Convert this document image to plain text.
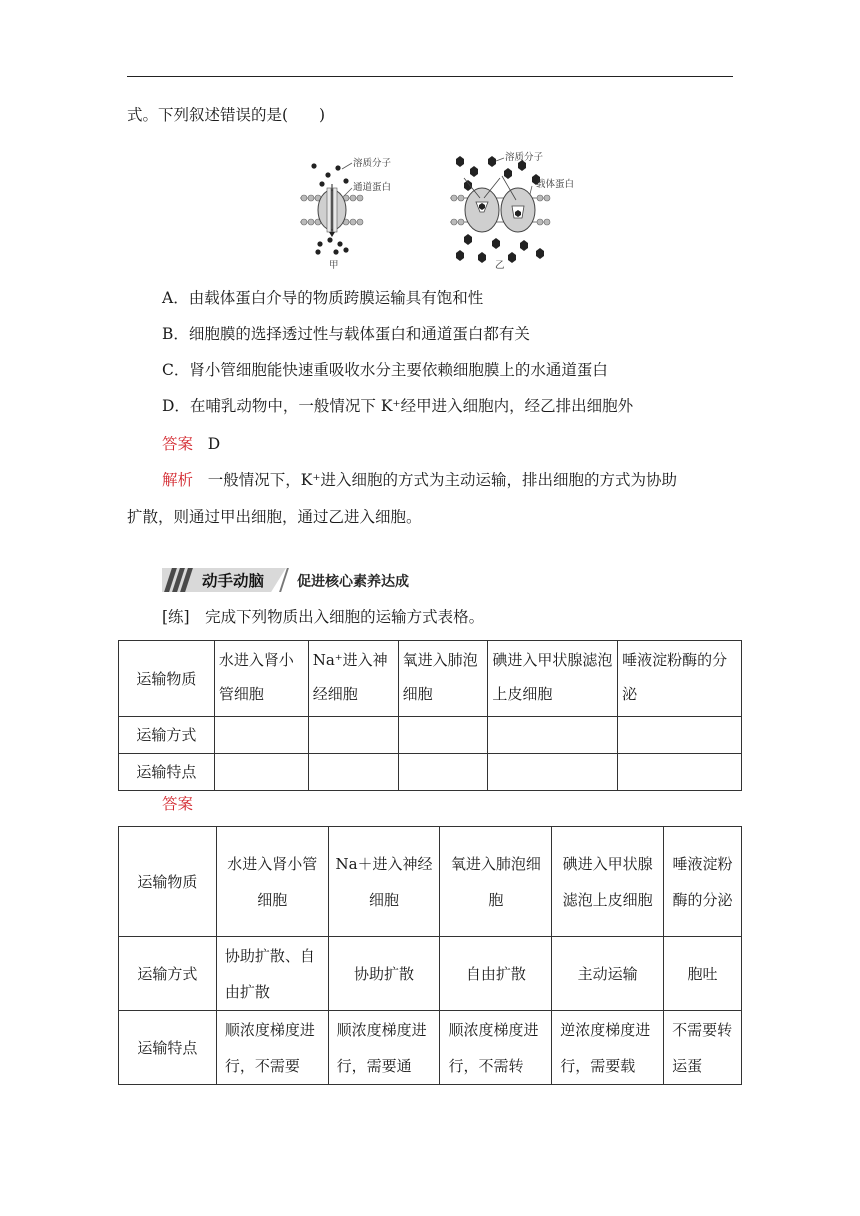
式。下列叙述错误的是(　　)
溶质分子
通道蛋白
甲
溶质分子
载体蛋白
乙
A．由载体蛋白介导的物质跨膜运输具有饱和性
B．细胞膜的选择透过性与载体蛋白和通道蛋白都有关
C．肾小管细胞能快速重吸收水分主要依赖细胞膜上的水通道蛋白
D．在哺乳动物中，一般情况下 K⁺经甲进入细胞内，经乙排出细胞外
答案 D
解析 一般情况下，K⁺进入细胞的方式为主动运输，排出细胞的方式为协助
扩散，则通过甲出细胞，通过乙进入细胞。
动手动脑 促进核心素养达成
[练]　完成下列物质出入细胞的运输方式表格。
运输物质	水进入肾小管细胞	Na⁺进入神经细胞	氧进入肺泡细胞	碘进入甲状腺滤泡上皮细胞	唾液淀粉酶的分泌
运输方式					
运输特点					
答案
运输物质	水进入肾小管细胞	Na＋进入神经细胞	氧进入肺泡细胞	碘进入甲状腺滤泡上皮细胞	唾液淀粉酶的分泌
运输方式	协助扩散、自由扩散	协助扩散	自由扩散	主动运输	胞吐
运输特点	顺浓度梯度进行，不需要	顺浓度梯度进行，需要通	顺浓度梯度进行，不需转	逆浓度梯度进行，需要载	不需要转运蛋
